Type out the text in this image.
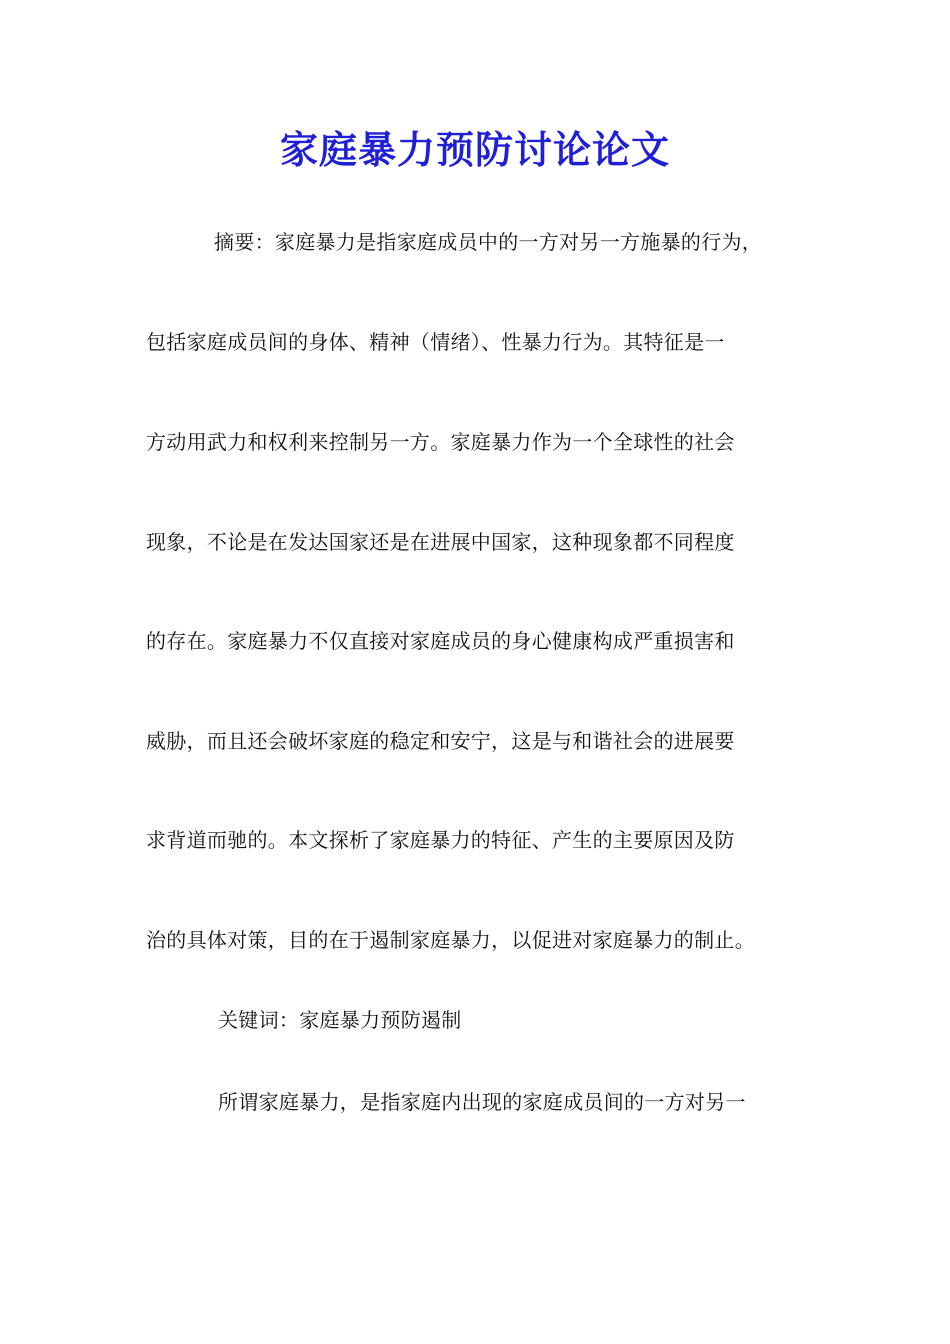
家庭暴力预防讨论论文
摘要：家庭暴力是指家庭成员中的一方对另一方施暴的行为，
包括家庭成员间的身体、精神（情绪）、性暴力行为。其特征是一
方动用武力和权利来控制另一方。家庭暴力作为一个全球性的社会
现象，不论是在发达国家还是在进展中国家，这种现象都不同程度
的存在。家庭暴力不仅直接对家庭成员的身心健康构成严重损害和
威胁，而且还会破坏家庭的稳定和安宁，这是与和谐社会的进展要
求背道而驰的。本文探析了家庭暴力的特征、产生的主要原因及防
治的具体对策，目的在于遏制家庭暴力，以促进对家庭暴力的制止。
关键词：家庭暴力预防遏制
所谓家庭暴力，是指家庭内出现的家庭成员间的一方对另一
